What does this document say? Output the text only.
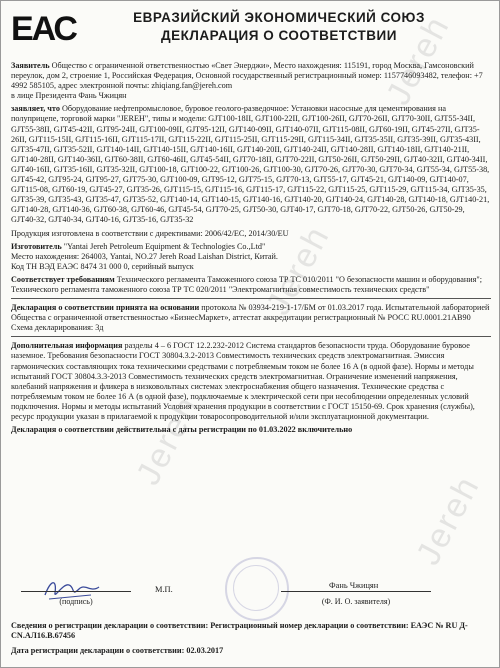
Jereh
Jereh
Jereh
Jereh
ЕАС	ЕВРАЗИЙСКИЙ ЭКОНОМИЧЕСКИЙ СОЮЗ
ДЕКЛАРАЦИЯ О СООТВЕТСТВИИ
Заявитель Общество с ограниченной ответственностью «Свет Энерджи», Место нахождения: 115191, город Москва, Гамсоновский переулок, дом 2, строение 1, Российская Федерация, Основной государственный регистрационный номер: 1157746093482, телефон: +7 4992 585105, адрес электронной почты: zhiqiang.fan@jereh.com
в лице Президента Фань Чжицян
заявляет, что Оборудование нефтепромысловое, буровое геолого-разведочное: Установки насосные для цементирования на полуприцепе, торговой марки "JEREH", типы и модели: GJT100-18II, GJT100-22II, GJT100-26II, GJT70-26II, GJT70-30II, GJT55-34II, GJT55-38II, GJT45-42II, GJT95-24II, GJT100-09II, GJT95-12II, GJT140-09II, GJT140-07II, GJT115-08II, GJT60-19II, GJT45-27II, GJT35-26II, GJT115-15II, GJT115-16II, GJT115-17II, GJT115-22II, GJT115-25II, GJT115-29II, GJT115-34II, GJT35-35II, GJT35-39II, GJT35-43II, GJT35-47II, GJT35-52II, GJT140-14II, GJT140-15II, GJT140-16II, GJT140-20II, GJT140-24II, GJT140-28II, GJT140-18II, GJT140-21II, GJT140-28II, GJT140-36II, GJT60-38II, GJT60-46II, GJT45-54II, GJT70-18II, GJT70-22II, GJT50-26II, GJT50-29II, GJT40-32II, GJT40-34II, GJT40-16II, GJT35-16II, GJT35-32II, GJT100-18, GJT100-22, GJT100-26, GJT100-30, GJT70-26, GJT70-30, GJT70-34, GJT55-34, GJT55-38, GJT45-42, GJT95-24, GJT95-27, GJT75-30, GJT100-09, GJT95-12, GJT75-15, GJT70-13, GJT55-17, GJT45-21, GJT140-09, GJT140-07, GJT115-08, GJT60-19, GJT45-27, GJT35-26, GJT115-15, GJT115-16, GJT115-17, GJT115-22, GJT115-25, GJT115-29, GJT115-34, GJT35-35, GJT35-39, GJT35-43, GJT35-47, GJT35-52, GJT140-14, GJT140-15, GJT140-16, GJT140-20, GJT140-24, GJT140-28, GJT140-18, GJT140-21, GJT140-28, GJT140-36, GJT60-38, GJT60-46, GJT45-54, GJT70-25, GJT50-30, GJT40-17, GJT70-18, GJT70-22, GJT50-26, GJT50-29, GJT40-32, GJT40-34, GJT40-16, GJT35-16, GJT35-32
Продукция изготовлена в соответствии с директивами: 2006/42/EC, 2014/30/EU
Изготовитель "Yantai Jereh Petroleum Equipment & Technologies Co.,Ltd"
Место нахождения: 264003, Yantai, NO.27 Jereh Road Laishan District, Китай.
Код ТН ВЭД ЕАЭС 8474 31 000 0, серийный выпуск
Соответствует требованиям Технического регламента Таможенного союза ТР ТС 010/2011 "О безопасности машин и оборудования"; Технического регламента таможенного союза ТР ТС 020/2011 "Электромагнитная совместимость технических средств"
Декларация о соответствии принята на основании протокола № 03934-219-1-17/БМ от 01.03.2017 года. Испытательной лабораторией Общества с ограниченной ответственностью «БизнесМаркет», аттестат аккредитации регистрационный № РОСС RU.0001.21АВ90 Схема декларирования: 3д
Дополнительная информация разделы 4 – 6 ГОСТ 12.2.232-2012 Система стандартов безопасности труда. Оборудование буровое наземное. Требования безопасности ГОСТ 30804.3.2-2013 Совместимость технических средств электромагнитная. Эмиссия гармонических составляющих тока техническими средствами с потребляемым током не более 16 А (в одной фазе). Нормы и методы испытаний ГОСТ 30804.3.3-2013 Совместимость технических средств электромагнитная. Ограничение изменений напряжения, колебаний напряжения и фликера в низковольтных системах электроснабжения общего назначения. Технические средства с потребляемым током не более 16 А (в одной фазе), подключаемые к электрической сети при несоблюдении определенных условий подключения. Нормы и методы испытаний Условия хранения продукции в соответствии с ГОСТ 15150-69. Срок хранения (службы), ресурс продукции указан в прилагаемой к продукции товаросопроводительной и/или эксплуатационной документации.
Декларация о соответствии действительна с даты регистрации по 01.03.2022 включительно
(подпись)
М.П.	Фань Чжицян
(Ф. И. О. заявителя)
Сведения о регистрации декларации о соответствии: Регистрационный номер декларации о соответствии: ЕАЭС № RU Д-CN.АЛ16.В.67456
Дата регистрации декларации о соответствии: 02.03.2017
